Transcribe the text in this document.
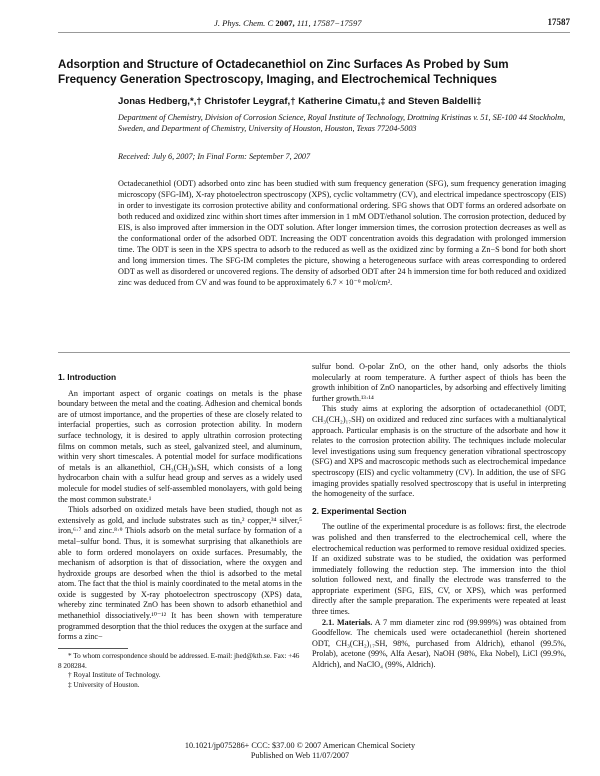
J. Phys. Chem. C 2007, 111, 17587−17597	17587
Adsorption and Structure of Octadecanethiol on Zinc Surfaces As Probed by Sum Frequency Generation Spectroscopy, Imaging, and Electrochemical Techniques
Jonas Hedberg,*,† Christofer Leygraf,† Katherine Cimatu,‡ and Steven Baldelli‡
Department of Chemistry, Division of Corrosion Science, Royal Institute of Technology, Drottning Kristinas v. 51, SE-100 44 Stockholm, Sweden, and Department of Chemistry, University of Houston, Houston, Texas 77204-5003
Received: July 6, 2007; In Final Form: September 7, 2007
Octadecanethiol (ODT) adsorbed onto zinc has been studied with sum frequency generation (SFG), sum frequency generation imaging microscopy (SFG-IM), X-ray photoelectron spectroscopy (XPS), cyclic voltammetry (CV), and electrical impedance spectroscopy (EIS) in order to investigate its corrosion protective ability and conformational ordering. SFG shows that ODT forms an ordered adsorbate on both reduced and oxidized zinc within short times after immersion in 1 mM ODT/ethanol solution. The corrosion protection, deduced by EIS, is also improved after immersion in the ODT solution. After longer immersion times, the corrosion protection decreases as well as the conformational order of the adsorbed ODT. Increasing the ODT concentration avoids this degradation with prolonged immersion time. The ODT is seen in the XPS spectra to adsorb to the reduced as well as the oxidized zinc by forming a Zn−S bond for both short and long immersion times. The SFG-IM completes the picture, showing a heterogeneous surface with areas corresponding to ordered ODT as well as disordered or uncovered regions. The density of adsorbed ODT after 24 h immersion time for both reduced and oxidized zinc was deduced from CV and was found to be approximately 6.7 × 10⁻⁹ mol/cm².
1. Introduction

An important aspect of organic coatings on metals is the phase boundary between the metal and the coating. Adhesion and chemical bonds are of utmost importance, and the properties of these are closely related to interfacial properties, such as corrosion protection ability. In modern surface technology, it is desired to apply ultrathin corrosion protecting films on common metals, such as steel, galvanized steel, and aluminum, within very short timescales. A potential model for surface modifications of metals is an alkanethiol, CH₃(CH₂)ₙSH, which consists of a long hydrocarbon chain with a sulfur head group and serves as a widely used molecule for model studies of self-assembled monolayers, with gold being the most common substrate.¹

Thiols adsorbed on oxidized metals have been studied, though not as extensively as gold, and include substrates such as tin,² copper,³⁴ silver,⁵ iron,⁶·⁷ and zinc.⁸·⁹ Thiols adsorb on the metal surface by formation of a metal−sulfur bond. Thus, it is somewhat surprising that alkanethiols are able to form ordered monolayers on oxide surfaces. Presumably, the mechanism of adsorption is that of dissociation, where the oxygen and hydroxide groups are desorbed when the thiol is adsorbed to the metal atom. The fact that the thiol is mainly coordinated to the metal atoms in the oxide is suggested by X-ray photoelectron spectroscopy (XPS) data, whereby zinc terminated ZnO has been shown to adsorb ethanethiol and methanethiol dissociatively.¹⁰⁻¹² It has been shown with temperature programmed desorption that the thiol reduces the oxygen at the surface and forms a zinc−

sulfur bond. O-polar ZnO, on the other hand, only adsorbs the thiols molecularly at room temperature. A further aspect of thiols has been the growth inhibition of ZnO nanoparticles, by adsorbing and effectively limiting further growth.¹³·¹⁴

This study aims at exploring the adsorption of octadecanethiol (ODT, CH₃(CH₂)₁₇SH) on oxidized and reduced zinc surfaces with a multianalytical approach. Particular emphasis is on the structure of the adsorbate and how it relates to the corrosion protection ability. The techniques include molecular level investigations using sum frequency generation vibrational spectroscopy (SFG) and XPS and macroscopic methods such as electrochemical impedance spectroscopy (EIS) and cyclic voltammetry (CV). In addition, the use of SFG imaging provides spatially resolved spectroscopy that is useful in interpreting the homogeneity of the surface.

2. Experimental Section

The outline of the experimental procedure is as follows: first, the electrode was polished and then transferred to the electrochemical cell, where the electrochemical reduction was performed to remove residual oxidized species. If an oxidized substrate was to be studied, the oxidation was performed immediately following the reduction step. The immersion into the thiol solution followed next, and finally the electrode was transferred to the appropriate experiment (SFG, EIS, CV, or XPS), which was performed directly after the sample preparation. The experiments were repeated at least three times.

2.1. Materials. A 7 mm diameter zinc rod (99.999%) was obtained from Goodfellow. The chemicals used were octadecanethiol (herein shortened ODT, CH₃(CH₂)₁₇SH, 98%, purchased from Aldrich), ethanol (99.5%, Prolab), acetone (99%, Alfa Aesar), NaOH (98%, Eka Nobel), LiCl (99.9%, Aldrich), and NaClO₄ (99%, Aldrich).

* To whom correspondence should be addressed. E-mail: jhed@kth.se. Fax: +46 8 208284.
† Royal Institute of Technology.
‡ University of Houston.
10.1021/jp075286+ CCC: $37.00 © 2007 American Chemical Society
Published on Web 11/07/2007
